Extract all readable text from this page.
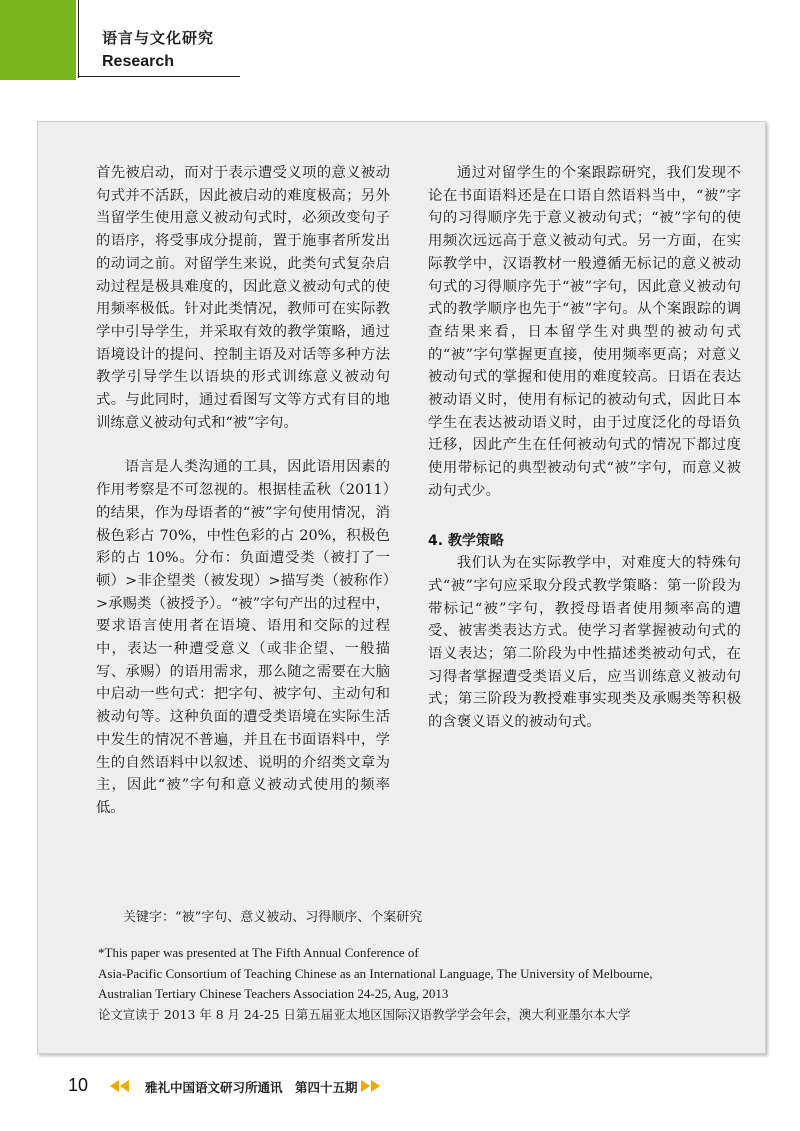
语言与文化研究
Research

首先被启动，而对于表示遭受义项的意义被动句式并不活跃，因此被启动的难度极高；另外当留学生使用意义被动句式时，必须改变句子的语序，将受事成分提前，置于施事者所发出的动词之前。对留学生来说，此类句式复杂启动过程是极具难度的，因此意义被动句式的使用频率极低。针对此类情况，教师可在实际教学中引导学生，并采取有效的教学策略，通过语境设计的提问、控制主语及对话等多种方法教学引导学生以语块的形式训练意义被动句式。与此同时，通过看图写文等方式有目的地训练意义被动句式和“被”字句。

语言是人类沟通的工具，因此语用因素的作用考察是不可忽视的。根据桂孟秋（2011）的结果，作为母语者的“被”字句使用情况，消极色彩占 70%，中性色彩的占 20%，积极色彩的占 10%。分布：负面遭受类（被打了一顿）>非企望类（被发现）>描写类（被称作）>承赐类（被授予）。“被”字句产出的过程中，要求语言使用者在语境、语用和交际的过程中，表达一种遭受意义（或非企望、一般描写、承赐）的语用需求，那么随之需要在大脑中启动一些句式：把字句、被字句、主动句和被动句等。这种负面的遭受类语境在实际生活中发生的情况不普遍，并且在书面语料中，学生的自然语料中以叙述、说明的介绍类文章为主，因此“被”字句和意义被动式使用的频率低。

通过对留学生的个案跟踪研究，我们发现不论在书面语料还是在口语自然语料当中，“被”字句的习得顺序先于意义被动句式；“被”字句的使用频次远远高于意义被动句式。另一方面，在实际教学中，汉语教材一般遵循无标记的意义被动句式的习得顺序先于“被”字句，因此意义被动句式的教学顺序也先于“被”字句。从个案跟踪的调查结果来看，日本留学生对典型的被动句式的“被”字句掌握更直接，使用频率更高；对意义被动句式的掌握和使用的难度较高。日语在表达被动语义时，使用有标记的被动句式，因此日本学生在表达被动语义时，由于过度泛化的母语负迁移，因此产生在任何被动句式的情况下都过度使用带标记的典型被动句式“被”字句，而意义被动句式少。

4. 教学策略

我们认为在实际教学中，对难度大的特殊句式“被”字句应采取分段式教学策略：第一阶段为带标记“被”字句，教授母语者使用频率高的遭受、被害类表达方式。使学习者掌握被动句式的语义表达；第二阶段为中性描述类被动句式，在习得者掌握遭受类语义后，应当训练意义被动句式；第三阶段为教授难事实现类及承赐类等积极的含褒义语义的被动句式。

关键字：“被”字句、意义被动、习得顺序、个案研究
*This paper was presented at The Fifth Annual Conference of
Asia-Pacific Consortium of Teaching Chinese as an International Language, The University of Melbourne,
Australian Tertiary Chinese Teachers Association 24-25, Aug, 2013
论文宣读于 2013 年 8 月 24-25 日第五届亚太地区国际汉语教学学会年会，澳大利亚墨尔本大学
10	雅礼中国语文研习所通讯　第四十五期
